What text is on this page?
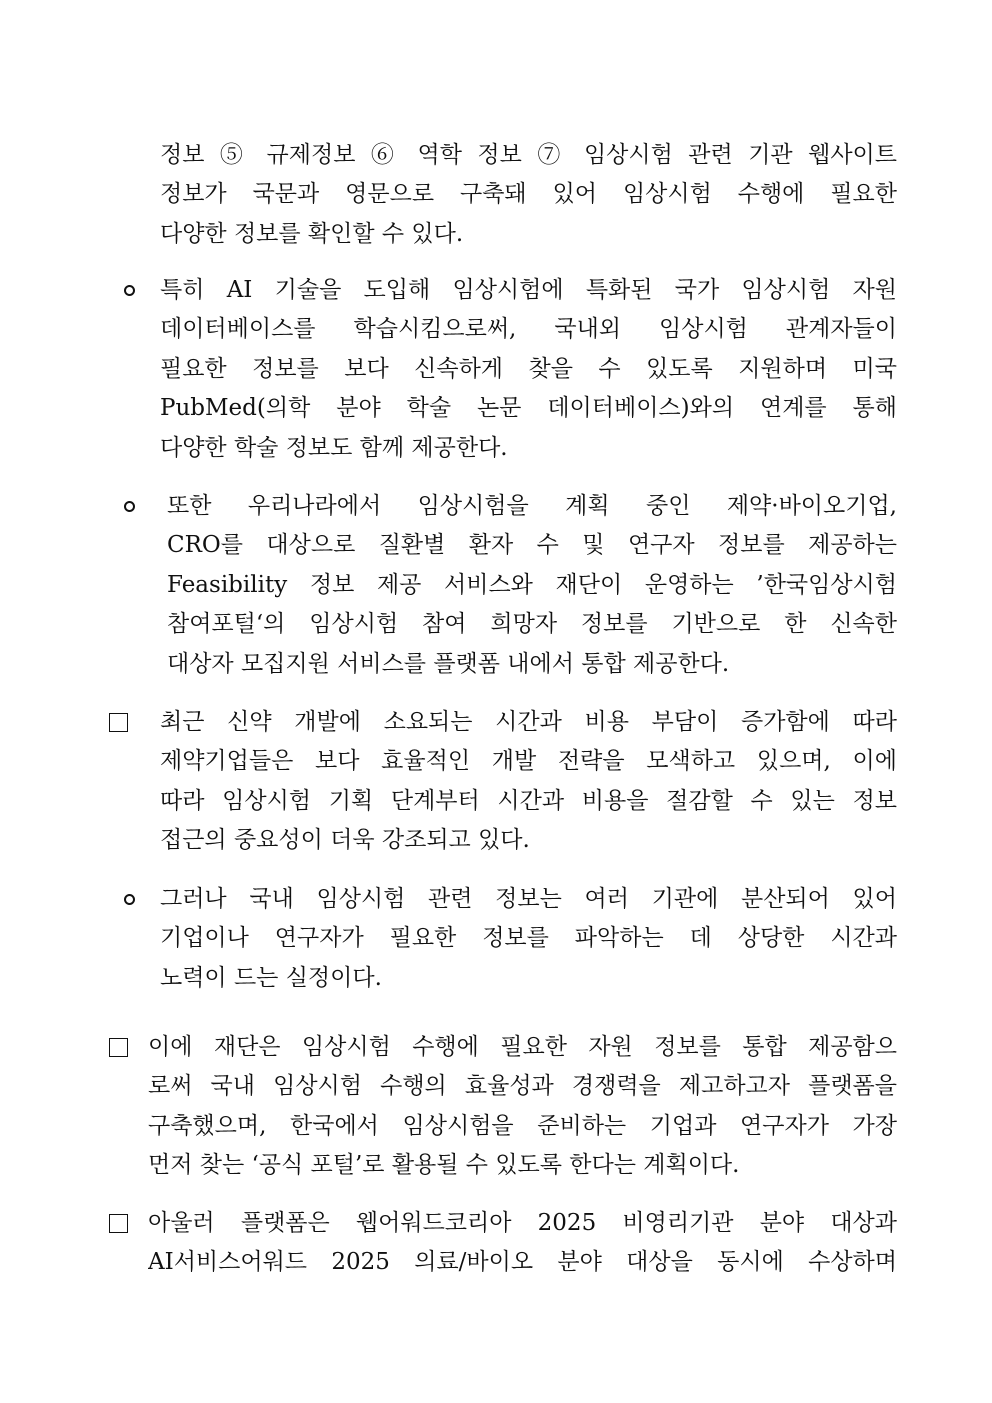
정보 ⑤ 규제정보 ⑥ 역학 정보 ⑦ 임상시험 관련 기관 웹사이트
정보가 국문과 영문으로 구축돼 있어 임상시험 수행에 필요한
다양한 정보를 확인할 수 있다.
특히 AI 기술을 도입해 임상시험에 특화된 국가 임상시험 자원
데이터베이스를 학습시킴으로써, 국내외 임상시험 관계자들이
필요한 정보를 보다 신속하게 찾을 수 있도록 지원하며 미국
PubMed(의학 분야 학술 논문 데이터베이스)와의 연계를 통해
다양한 학술 정보도 함께 제공한다.
또한 우리나라에서 임상시험을 계획 중인 제약·바이오기업,
CRO를 대상으로 질환별 환자 수 및 연구자 정보를 제공하는
Feasibility 정보 제공 서비스와 재단이 운영하는 ’한국임상시험
참여포털‘의 임상시험 참여 희망자 정보를 기반으로 한 신속한
대상자 모집지원 서비스를 플랫폼 내에서 통합 제공한다.
최근 신약 개발에 소요되는 시간과 비용 부담이 증가함에 따라
제약기업들은 보다 효율적인 개발 전략을 모색하고 있으며, 이에
따라 임상시험 기획 단계부터 시간과 비용을 절감할 수 있는 정보
접근의 중요성이 더욱 강조되고 있다.
그러나 국내 임상시험 관련 정보는 여러 기관에 분산되어 있어
기업이나 연구자가 필요한 정보를 파악하는 데 상당한 시간과
노력이 드는 실정이다.
이에 재단은 임상시험 수행에 필요한 자원 정보를 통합 제공함으
로써 국내 임상시험 수행의 효율성과 경쟁력을 제고하고자 플랫폼을
구축했으며, 한국에서 임상시험을 준비하는 기업과 연구자가 가장
먼저 찾는 ‘공식 포털’로 활용될 수 있도록 한다는 계획이다.
아울러 플랫폼은 웹어워드코리아 2025 비영리기관 분야 대상과
AI서비스어워드 2025 의료/바이오 분야 대상을 동시에 수상하며
